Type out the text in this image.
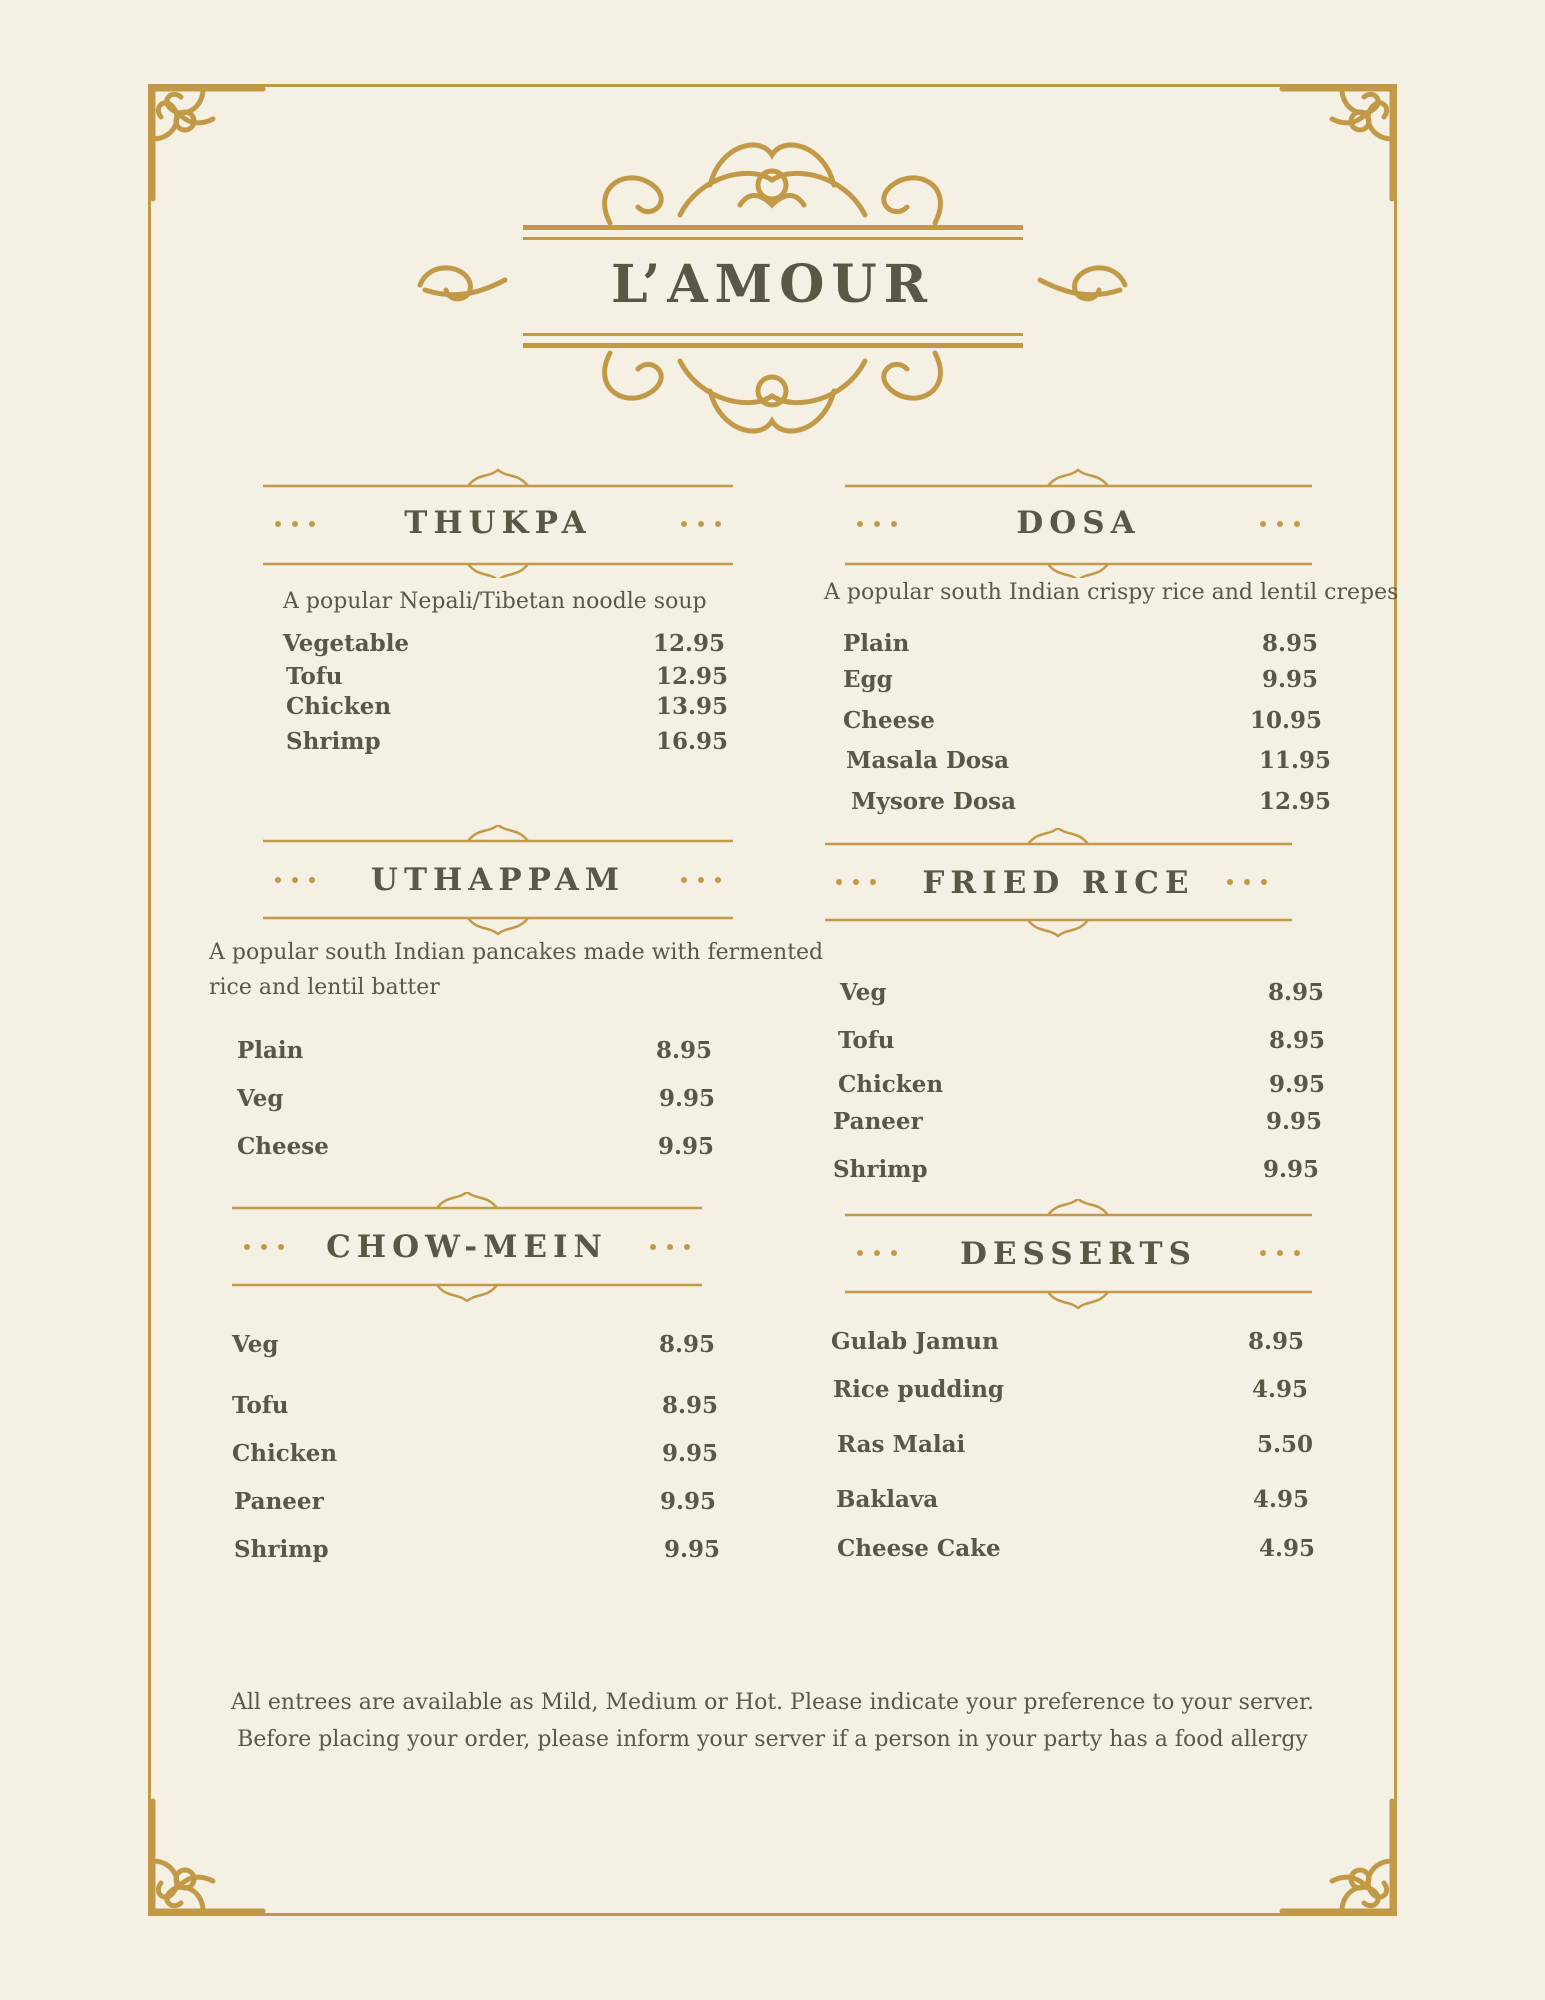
L’AMOUR
THUKPA
A popular Nepali/Tibetan noodle soup
Vegetable	12.95
Tofu	12.95
Chicken	13.95
Shrimp	16.95
DOSA
A popular south Indian crispy rice and lentil crepes
Plain	8.95
Egg	9.95
Cheese	10.95
Masala Dosa	11.95
Mysore Dosa	12.95
UTHAPPAM
A popular south Indian pancakes made with fermented
rice and lentil batter
Plain	8.95
Veg	9.95
Cheese	9.95
FRIED RICE
Veg	8.95
Tofu	8.95
Chicken	9.95
Paneer	9.95
Shrimp	9.95
CHOW-MEIN
Veg	8.95
Tofu	8.95
Chicken	9.95
Paneer	9.95
Shrimp	9.95
DESSERTS
Gulab Jamun	8.95
Rice pudding	4.95
Ras Malai	5.50
Baklava	4.95
Cheese Cake	4.95
All entrees are available as Mild, Medium or Hot. Please indicate your preference to your server.
Before placing your order, please inform your server if a person in your party has a food allergy
